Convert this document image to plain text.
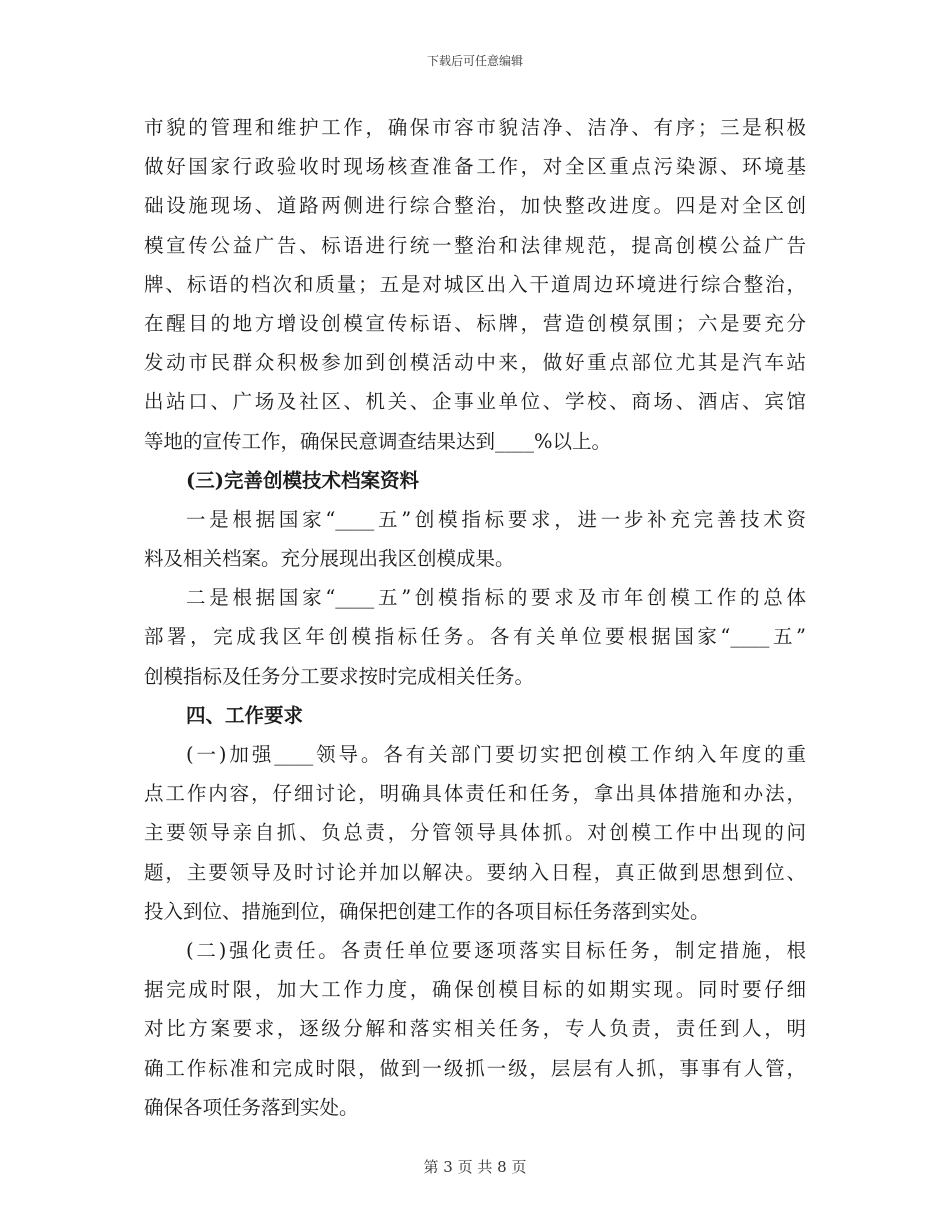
下载后可任意编辑
市貌的管理和维护工作，确保市容市貌洁净、洁净、有序；三是积极
做好国家行政验收时现场核查准备工作，对全区重点污染源、环境基
础设施现场、道路两侧进行综合整治，加快整改进度。四是对全区创
模宣传公益广告、标语进行统一整治和法律规范，提高创模公益广告
牌、标语的档次和质量；五是对城区出入干道周边环境进行综合整治，
在醒目的地方增设创模宣传标语、标牌，营造创模氛围；六是要充分
发动市民群众积极参加到创模活动中来，做好重点部位尤其是汽车站
出站口、广场及社区、机关、企事业单位、学校、商场、酒店、宾馆
等地的宣传工作，确保民意调查结果达到____%以上。
(三)完善创模技术档案资料
一是根据国家“____五”创模指标要求，进一步补充完善技术资
料及相关档案。充分展现出我区创模成果。
二是根据国家“____五”创模指标的要求及市年创模工作的总体
部署，完成我区年创模指标任务。各有关单位要根据国家“____五”
创模指标及任务分工要求按时完成相关任务。
四、工作要求
(一)加强____领导。各有关部门要切实把创模工作纳入年度的重
点工作内容，仔细讨论，明确具体责任和任务，拿出具体措施和办法，
主要领导亲自抓、负总责，分管领导具体抓。对创模工作中出现的问
题，主要领导及时讨论并加以解决。要纳入日程，真正做到思想到位、
投入到位、措施到位，确保把创建工作的各项目标任务落到实处。
(二)强化责任。各责任单位要逐项落实目标任务，制定措施，根
据完成时限，加大工作力度，确保创模目标的如期实现。同时要仔细
对比方案要求，逐级分解和落实相关任务，专人负责，责任到人，明
确工作标准和完成时限，做到一级抓一级，层层有人抓，事事有人管，
确保各项任务落到实处。
第 3 页 共 8 页
